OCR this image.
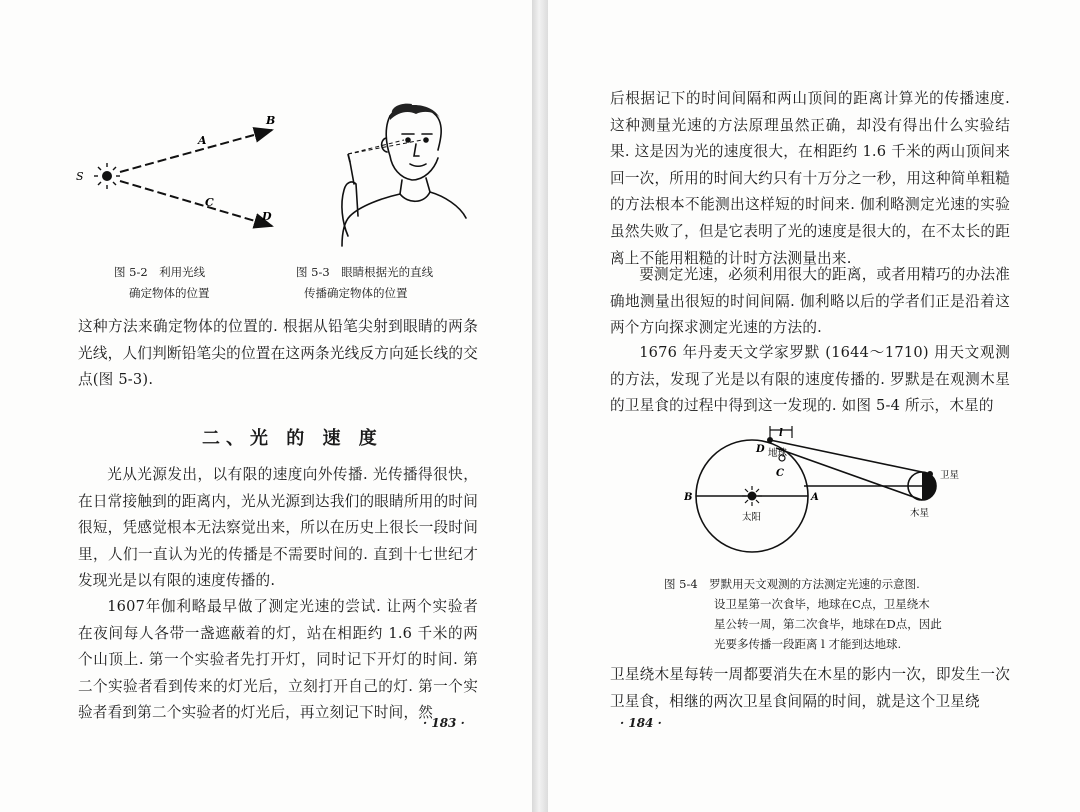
S
A
B
C
D
图 5-2　利用光线
确定物体的位置
图 5-3　眼睛根据光的直线
传播确定物体的位置

这种方法来确定物体的位置的. 根据从铅笔尖射到眼睛的两条光线，人们判断铅笔尖的位置在这两条光线反方向延长线的交点(图 5-3).

二、光 的 速 度

光从光源发出，以有限的速度向外传播. 光传播得很快，在日常接触到的距离内，光从光源到达我们的眼睛所用的时间很短，凭感觉根本无法察觉出来，所以在历史上很长一段时间里，人们一直认为光的传播是不需要时间的. 直到十七世纪才发现光是以有限的速度传播的.

1607年伽利略最早做了测定光速的尝试. 让两个实验者在夜间每人各带一盏遮蔽着的灯，站在相距约 1.6 千米的两个山顶上. 第一个实验者先打开灯，同时记下开灯的时间. 第二个实验者看到传来的灯光后，立刻打开自己的灯. 第一个实验者看到第二个实验者的灯光后，再立刻记下时间，然

· 183 ·

后根据记下的时间间隔和两山顶间的距离计算光的传播速度. 这种测量光速的方法原理虽然正确，却没有得出什么实验结果. 这是因为光的速度很大，在相距约 1.6 千米的两山顶间来回一次，所用的时间大约只有十万分之一秒，用这种简单粗糙的方法根本不能测出这样短的时间来. 伽利略测定光速的实验虽然失败了，但是它表明了光的速度是很大的，在不太长的距离上不能用粗糙的计时方法测量出来.

要测定光速，必须利用很大的距离，或者用精巧的办法准确地测量出很短的时间间隔. 伽利略以后的学者们正是沿着这两个方向探求测定光速的方法的.

1676 年丹麦天文学家罗默 (1644～1710) 用天文观测的方法，发现了光是以有限的速度传播的. 罗默是在观测木星的卫星食的过程中得到这一发现的. 如图 5-4 所示，木星的

l
D 地球
C
B	A
太阳
卫星
木星
图 5-4　罗默用天文观测的方法测定光速的示意图.
设卫星第一次食毕，地球在C点，卫星绕木
星公转一周，第二次食毕，地球在D点，因此
光要多传播一段距离 l 才能到达地球.

卫星绕木星每转一周都要消失在木星的影内一次，即发生一次卫星食，相继的两次卫星食间隔的时间，就是这个卫星绕

· 184 ·
